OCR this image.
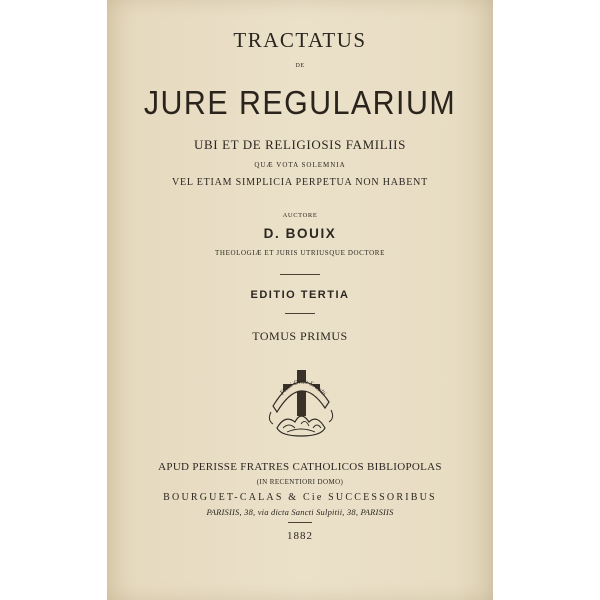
TRACTATUS
DE
JURE REGULARIUM
UBI ET DE RELIGIOSIS FAMILIIS
QUÆ VOTA SOLEMNIA
VEL ETIAM SIMPLICIA PERPETUA NON HABENT
AUCTORE
D. BOUIX
THEOLOGIÆ ET JURIS UTRIUSQUE DOCTORE
EDITIO TERTIA
TOMUS PRIMUS
Fidei Ordo Sodalii
APUD PERISSE FRATRES CATHOLICOS BIBLIOPOLAS
(IN RECENTIORI DOMO)
BOURGUET-CALAS & Cie SUCCESSORIBUS
PARISIIS, 38, via dicta Sancti Sulpitii, 38, PARISIIS
1882
